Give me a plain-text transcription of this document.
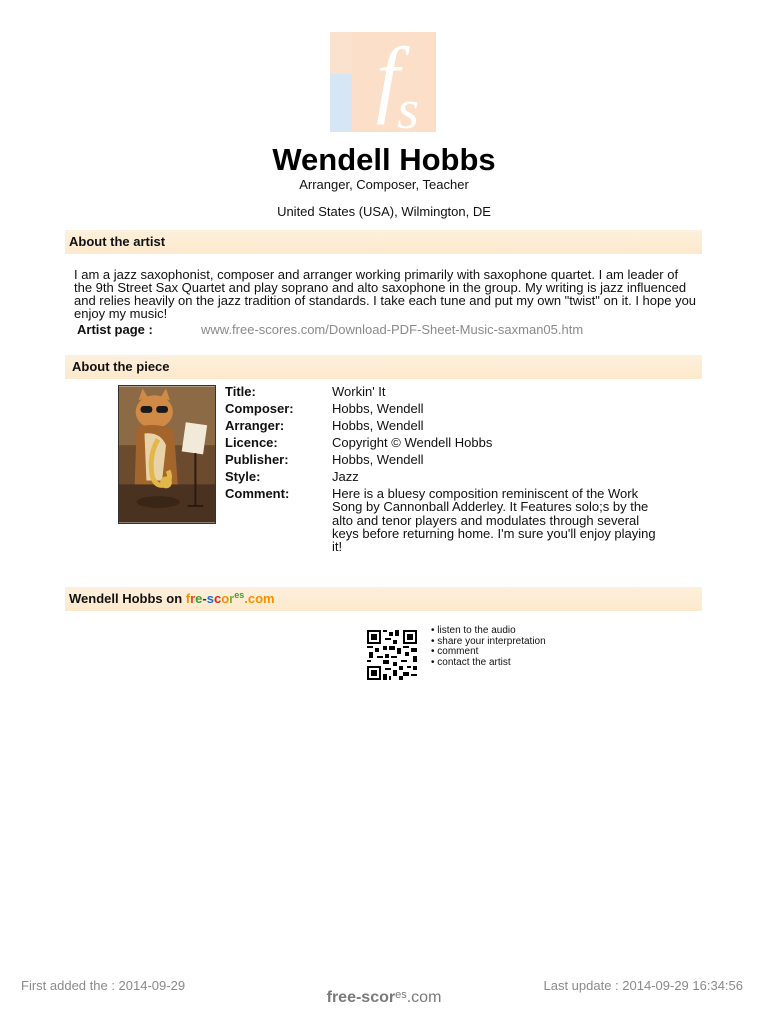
f
s
Wendell Hobbs
Arranger, Composer, Teacher
United States (USA), Wilmington, DE
About the artist
I am a jazz saxophonist, composer and arranger working primarily with saxophone quartet. I am leader of the 9th Street Sax Quartet and play soprano and alto saxophone in the group. My writing is jazz influenced and relies heavily on the jazz tradition of standards. I take each tune and put my own "twist" on it. I hope you enjoy my music!
Artist page :	www.free-scores.com/Download-PDF-Sheet-Music-saxman05.htm
About the piece
Title:	Workin' It
Composer:	Hobbs, Wendell
Arranger:	Hobbs, Wendell
Licence:	Copyright © Wendell Hobbs
Publisher:	Hobbs, Wendell
Style:	Jazz
Comment:	Here is a bluesy composition reminiscent of the Work Song by Cannonball Adderley. It Features solo;s by the alto and tenor players and modulates through several keys before returning home. I'm sure you'll enjoy playing it!
Wendell Hobbs on fre-scor$^{es}$.com
• listen to the audio
• share your interpretation
• comment
• contact the artist
First added the : 2014-09-29	Last update : 2014-09-29 16:34:56
free-scor$^{es}$.com
